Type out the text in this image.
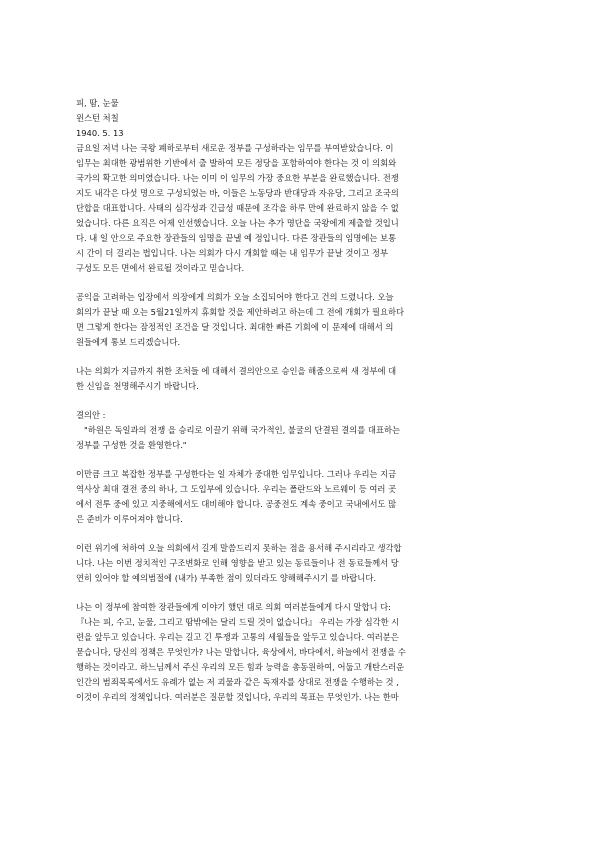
피, 땀, 눈물
윈스턴 처칠
1940. 5. 13
금요일 저녁 나는 국왕 폐하로부터 새로운 정부를 구성하라는 임무를 부여받았습니다. 이
임무는 최대한 광범위한 기반에서 출 발하여 모든 정당을 포함하여야 한다는 것 이 의회와
국가의 확고한 의미였습니다. 나는 이미 이 임무의 가장 중요한 부분을 완료했습니다. 전쟁
지도 내각은 다섯 명으로 구성되었는 바, 이들은 노동당과 반대당과 자유당, 그리고 조국의
단합을 대표합니다. 사태의 심각성과 긴급성 때문에 조각을 하루 만에 완료하지 않을 수 없
었습니다. 다른 요직은 어제 인선했습니다. 오늘 나는 추가 명단을 국왕에게 제출할 것입니
다. 내 일 안으로 주요한 장관들의 임명을 끝낼 예 정입니다. 다른 장관들의 임명에는 보통
시 간이 더 걸리는 법입니다. 나는 의회가 다시 개회할 때는 내 임무가 끝날 것이고 정부
구성도 모든 면에서 완료될 것이라고 믿습니다.
공익을 고려하는 입장에서 의장에게 의회가 오늘 소집되어야 한다고 건의 드렸니다. 오늘
회의가 끝날 때 오는 5월21일까지 휴회할 것을 제안하려고 하는데 그 전에 개회가 필요하다
면 그렇게 한다는 잠정적인 조건을 달 것입니다. 최대한 빠른 기회에 이 문제에 대해서 의
원들에게 통보 드리겠습니다.
나는 의회가 지금까지 취한 조처들 에 대해서 결의안으로 승인을 해줌으로써 새 정부에 대
한 신임을 천명해주시기 바랍니다.
결의안 :
"하원은 독일과의 전쟁 을 승리로 이끌기 위해 국가적인, 불굴의 단결된 결의를 대표하는
정부를 구성한 것을 환영한다."
이만큼 크고 복잡한 정부를 구성한다는 일 자체가 중대한 임무입니다. 그러나 우리는 지금
역사상 최대 결전 중의 하나, 그 도입부에 있습니다. 우리는 폴란드와 노르웨이 등 여러 곳
에서 전투 중에 있고 지중해에서도 대비해야 합니다. 공중전도 계속 중이고 국내에서도 많
은 준비가 이루어져야 합니다.
이런 위기에 처하여 오늘 의회에서 길게 말씀드리지 못하는 점을 용서해 주시리라고 생각합
니다. 나는 이번 정치적인 구조변화로 인해 영향을 받고 있는 동료들이나 전 동료들께서 당
연히 있어야 할 예의범절에 (내가) 부족한 점이 있더라도 양해해주시기 를 바랍니다.
나는 이 정부에 참여한 장관들에게 이야기 했던 대로 의회 여러분들에게 다시 말합니 다:
『나는 피, 수고, 눈물, 그리고 땀밖에는 달리 드릴 것이 없습니다』 우리는 가장 심각한 시
련을 앞두고 있습니다. 우리는 길고 긴 투쟁과 고통의 세월들을 앞두고 있습니다. 여러분은
묻습니다, 당신의 정책은 무엇인가? 나는 말합니다, 육상에서, 바다에서, 하늘에서 전쟁을 수
행하는 것이라고. 하느님께서 주신 우리의 모든 힘과 능력을 총동원하여, 어둡고 개탄스러운
인간의 범죄목록에서도 유례가 없는 저 괴물과 같은 독재자를 상대로 전쟁을 수행하는 것 ,
이것이 우리의 정책입니다. 여러분은 질문할 것입니다, 우리의 목표는 무엇인가. 나는 한마
